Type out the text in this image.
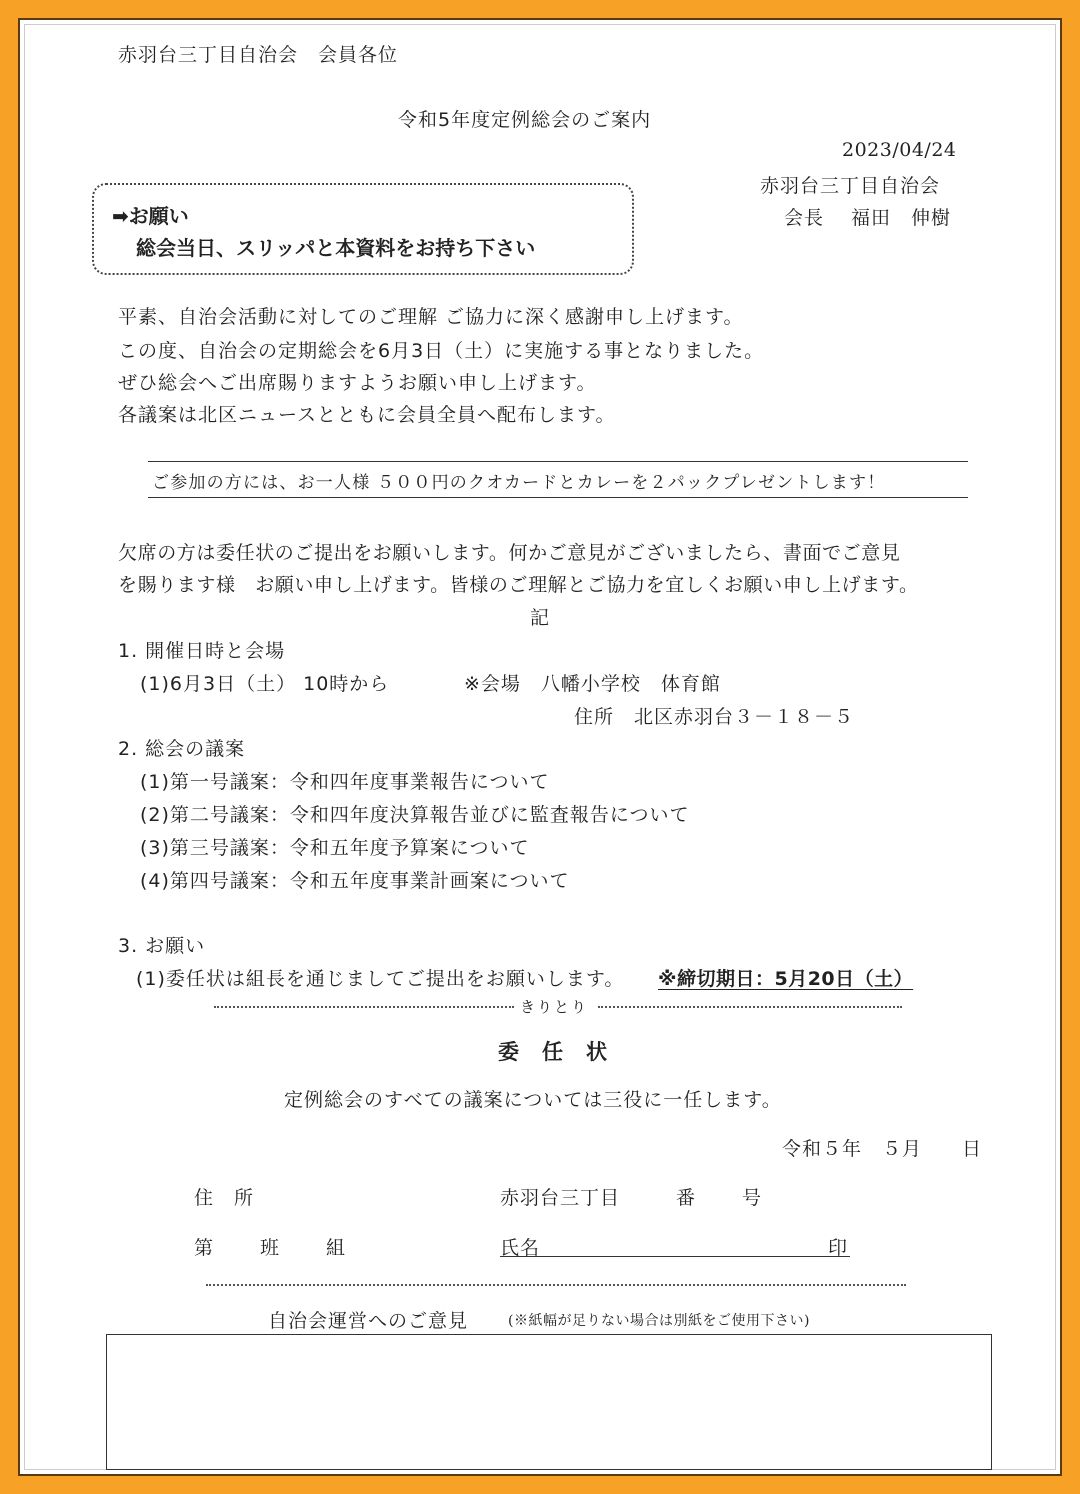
赤羽台三丁目自治会　会員各位
令和5年度定例総会のご案内
2023/04/24
赤羽台三丁目自治会
会長　 福田　伸樹
➡お願い
総会当日、スリッパと本資料をお持ち下さい
平素、自治会活動に対してのご理解 ご協力に深く感謝申し上げます。
この度、自治会の定期総会を6月3日（土）に実施する事となりました。
ぜひ総会へご出席賜りますようお願い申し上げます。
各議案は北区ニュースとともに会員全員へ配布します。
ご参加の方には、お一人様 ５００円のクオカードとカレーを２パックプレゼントします！
欠席の方は委任状のご提出をお願いします。何かご意見がございましたら、書面でご意見
を賜ります様　お願い申し上げます。皆様のご理解とご協力を宜しくお願い申し上げます。
記
1. 開催日時と会場
(1)6月3日（土） 10時から	※会場　八幡小学校　体育館
住所　北区赤羽台３－１８－５
2. 総会の議案
(1)第一号議案：令和四年度事業報告について
(2)第二号議案：令和四年度決算報告並びに監査報告について
(3)第三号議案：令和五年度予算案について
(4)第四号議案：令和五年度事業計画案について
3. お願い
(1)委任状は組長を通じましてご提出をお願いします。 ※締切期日：5月20日（土）
きりとり
委　任　状
定例総会のすべての議案については三役に一任します。
令和５年　５月　　日
住　所	赤羽台三丁目	番 号
第 班 組	氏名	印
自治会運営へのご意見	(※紙幅が足りない場合は別紙をご使用下さい)
